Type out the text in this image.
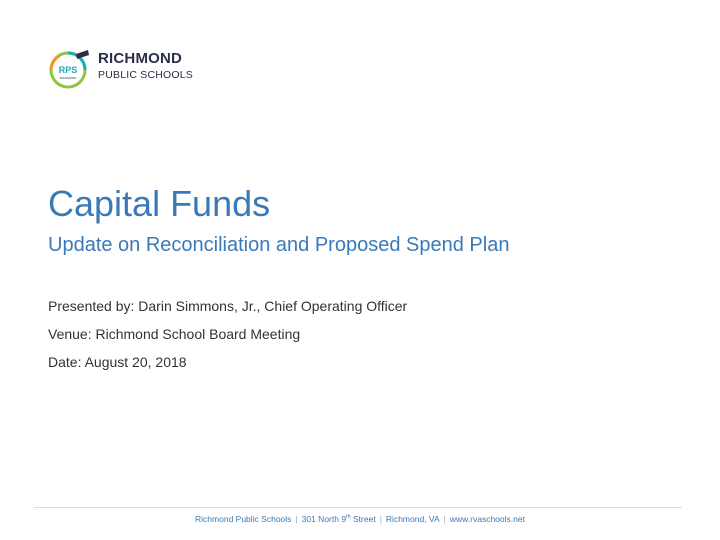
RPS
RICHMOND
RICHMOND
PUBLIC SCHOOLS
Capital Funds
Update on Reconciliation and Proposed Spend Plan
Presented by: Darin Simmons, Jr., Chief Operating Officer
Venue: Richmond School Board Meeting
Date: August 20, 2018
Richmond Public Schools | 301 North 9th Street | Richmond, VA | www.rvaschools.net
